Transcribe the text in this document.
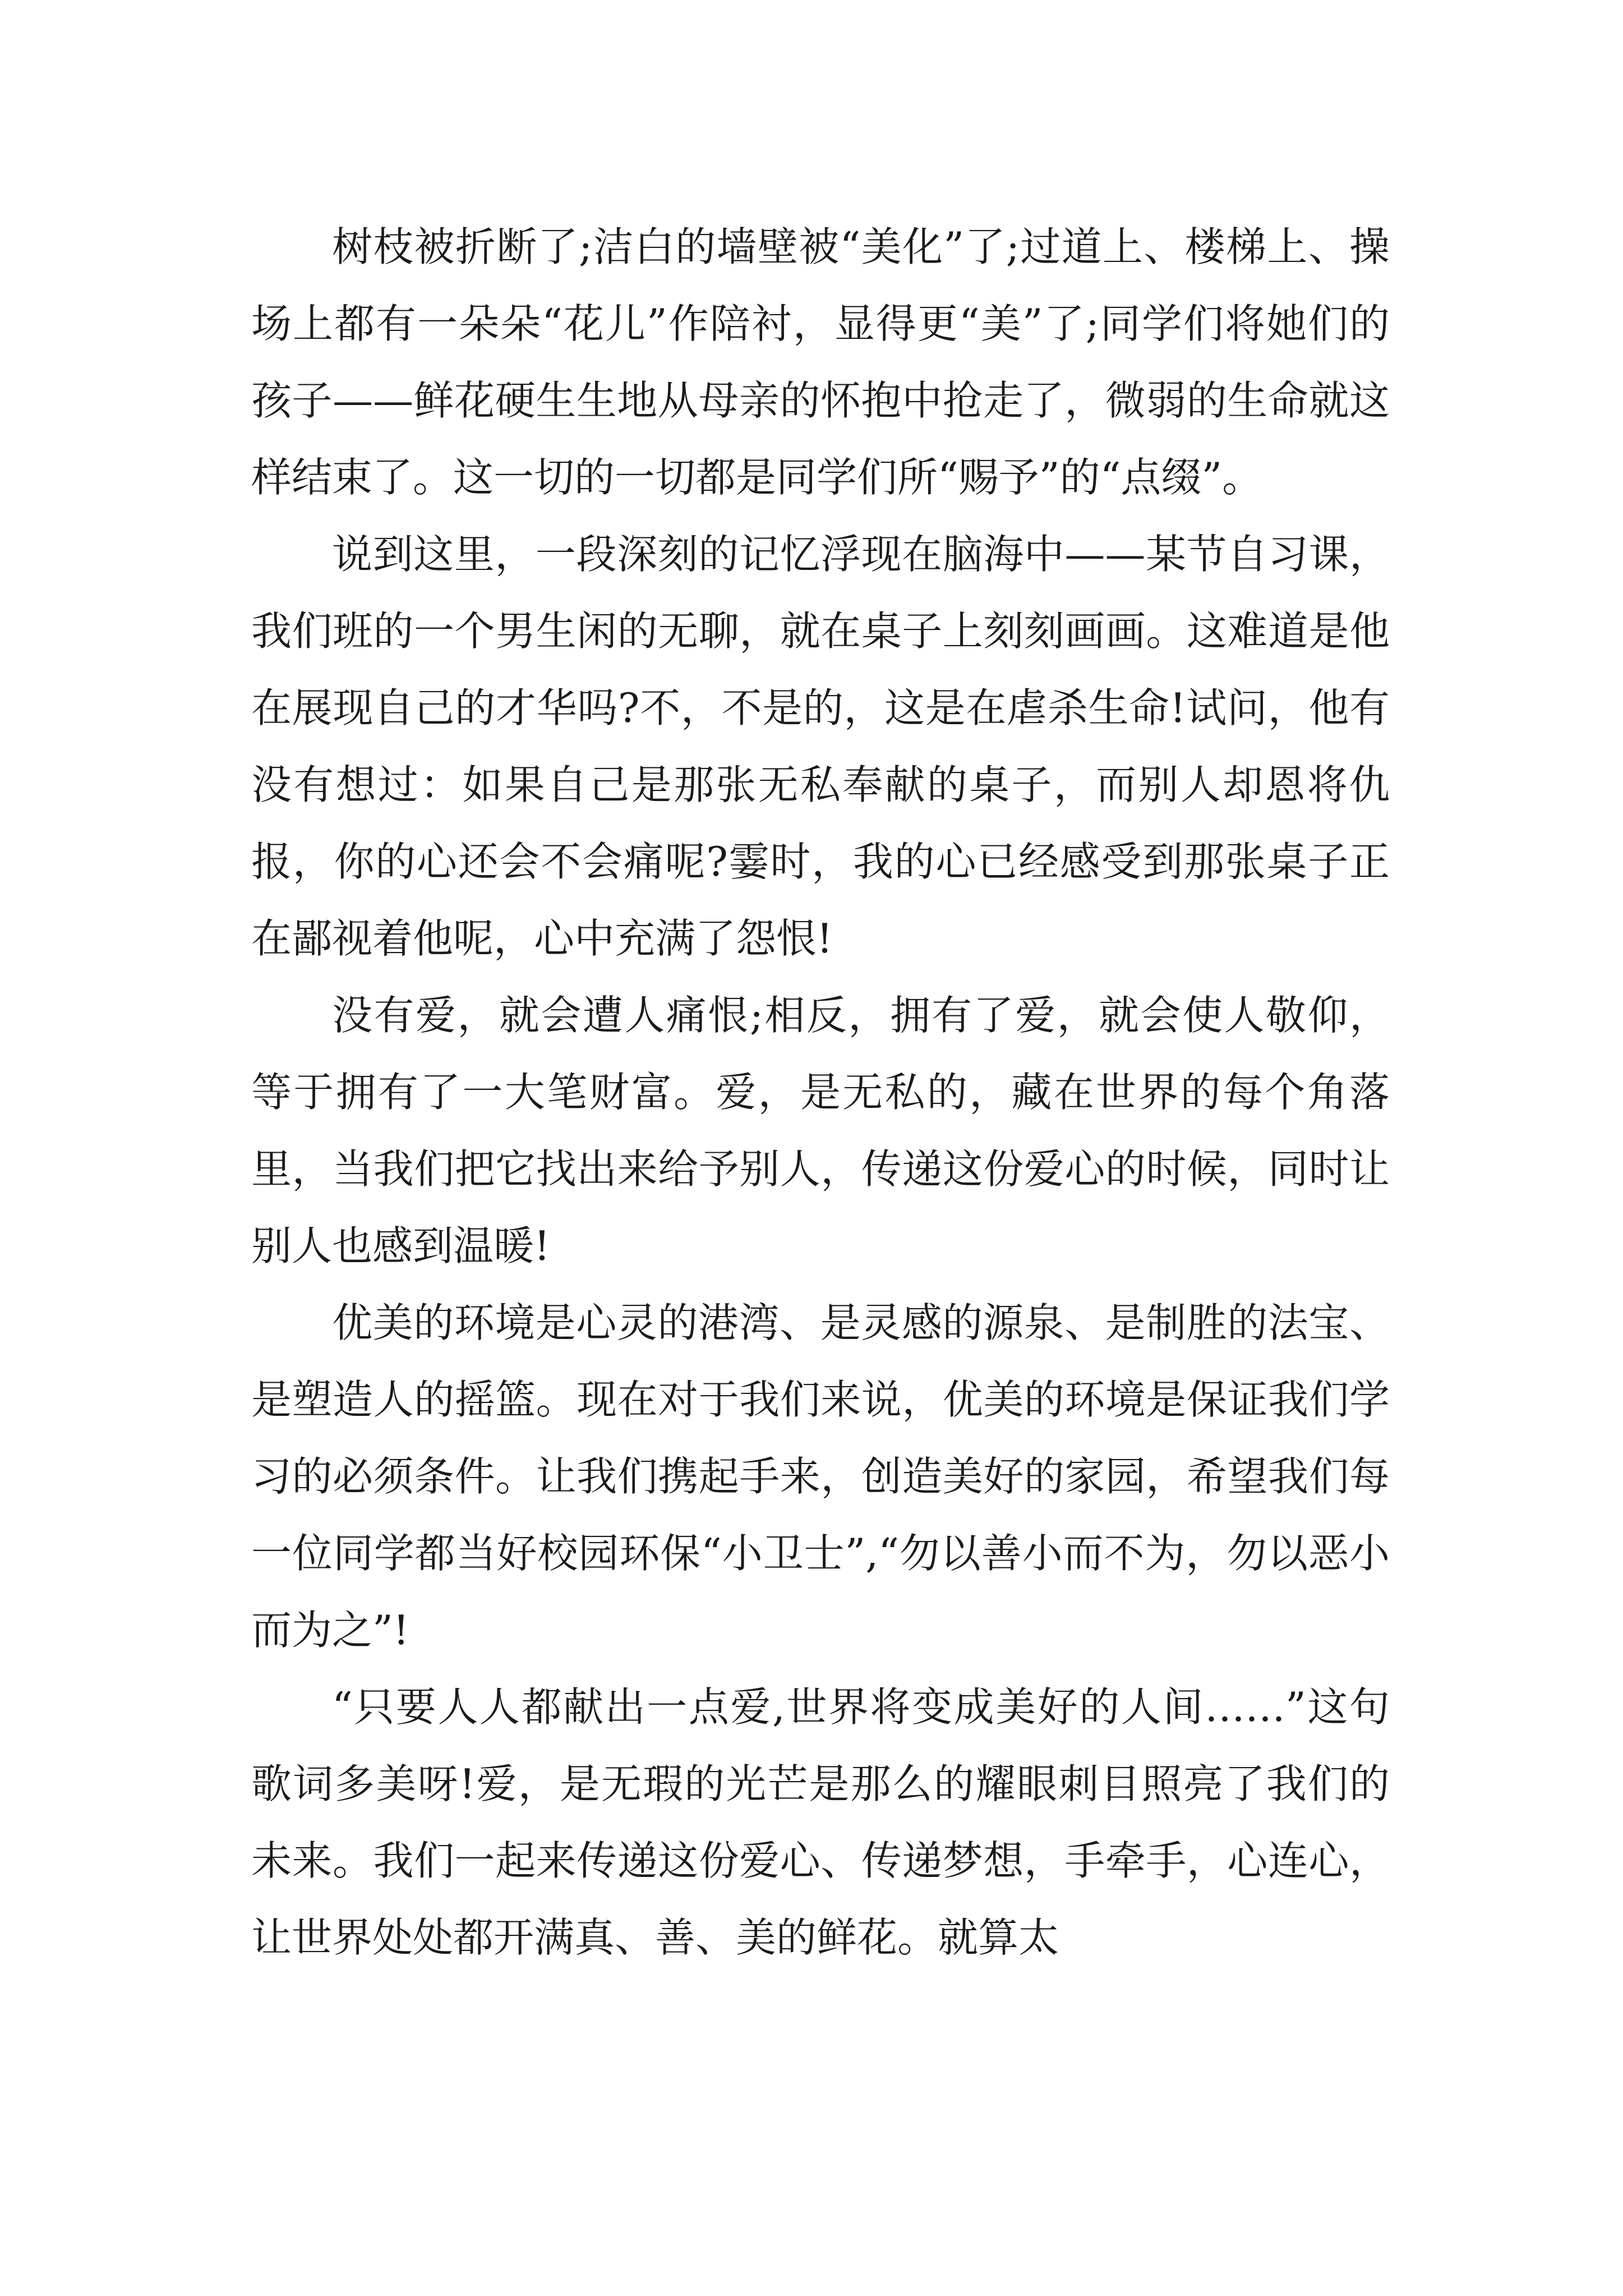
树枝被折断了;洁白的墙壁被“美化”了;过道上、楼梯上、操场上都有一朵朵“花儿”作陪衬，显得更“美”了;同学们将她们的孩子——鲜花硬生生地从母亲的怀抱中抢走了，微弱的生命就这样结束了。这一切的一切都是同学们所“赐予”的“点缀”。

说到这里，一段深刻的记忆浮现在脑海中——某节自习课，我们班的一个男生闲的无聊，就在桌子上刻刻画画。这难道是他在展现自己的才华吗?不，不是的，这是在虐杀生命!试问，他有没有想过：如果自己是那张无私奉献的桌子，而别人却恩将仇报，你的心还会不会痛呢?霎时，我的心已经感受到那张桌子正在鄙视着他呢，心中充满了怨恨!

没有爱，就会遭人痛恨;相反，拥有了爱，就会使人敬仰，等于拥有了一大笔财富。爱，是无私的，藏在世界的每个角落里，当我们把它找出来给予别人，传递这份爱心的时候，同时让别人也感到温暖!

优美的环境是心灵的港湾、是灵感的源泉、是制胜的法宝、是塑造人的摇篮。现在对于我们来说，优美的环境是保证我们学习的必须条件。让我们携起手来，创造美好的家园，希望我们每一位同学都当好校园环保“小卫士”,“勿以善小而不为，勿以恶小而为之”!

“只要人人都献出一点爱,世界将变成美好的人间……”这句歌词多美呀!爱，是无瑕的光芒是那么的耀眼刺目照亮了我们的未来。我们一起来传递这份爱心、传递梦想，手牵手，心连心，让世界处处都开满真、善、美的鲜花。就算太
